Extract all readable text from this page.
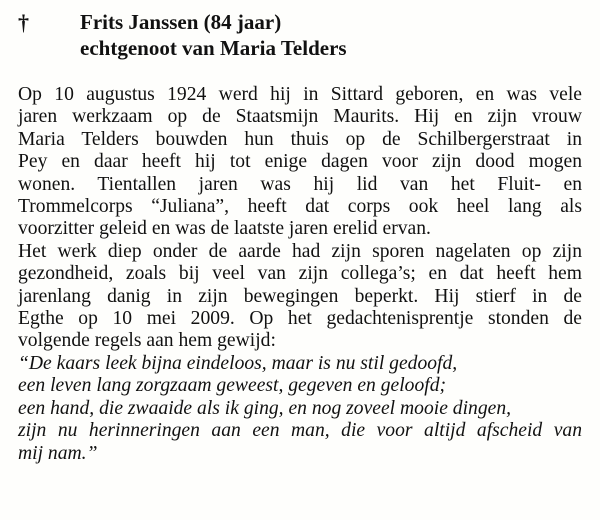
† Frits Janssen (84 jaar)
echtgenoot van Maria Telders
Op 10 augustus 1924 werd hij in Sittard geboren, en was vele
jaren werkzaam op de Staatsmijn Maurits. Hij en zijn vrouw
Maria Telders bouwden hun thuis op de Schilbergerstraat in
Pey en daar heeft hij tot enige dagen voor zijn dood mogen
wonen. Tientallen jaren was hij lid van het Fluit- en
Trommelcorps “Juliana”, heeft dat corps ook heel lang als
voorzitter geleid en was de laatste jaren erelid ervan.
Het werk diep onder de aarde had zijn sporen nagelaten op zijn
gezondheid, zoals bij veel van zijn collega’s; en dat heeft hem
jarenlang danig in zijn bewegingen beperkt. Hij stierf in de
Egthe op 10 mei 2009. Op het gedachtenisprentje stonden de
volgende regels aan hem gewijd:
“De kaars leek bijna eindeloos, maar is nu stil gedoofd,
een leven lang zorgzaam geweest, gegeven en geloofd;
een hand, die zwaaide als ik ging, en nog zoveel mooie dingen,
zijn nu herinneringen aan een man, die voor altijd afscheid van
mij nam.”
